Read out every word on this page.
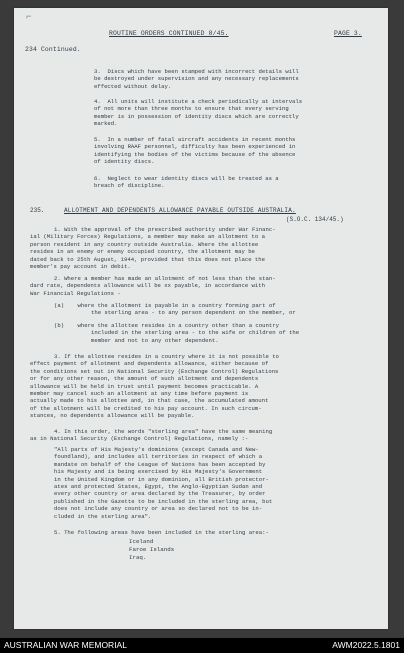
⌐
ROUTINE ORDERS CONTINUED 8/45.	PAGE 3.
234 Continued.

3. Discs which have been stamped with incorrect details will

be destroyed under supervision and any necessary replacements

effected without delay.

4. All units will institute a check periodically at intervals

of not more than three months to ensure that every serving

member is in possession of identity discs which are correctly

marked.

5. In a number of fatal aircraft accidents in recent months

involving RAAF personnel, difficulty has been experienced in

identifying the bodies of the victims because of the absence

of identity discs.

6. Neglect to wear identity discs will be treated as a

breach of discipline.

235.	ALLOTMENT AND DEPENDENTS ALLOWANCE PAYABLE OUTSIDE AUSTRALIA.
(S.O.C. 134/45.)

1. With the approval of the prescribed authority under War Financ-

ial (Military Forces) Regulations, a member may make an allotment to a

person resident in any country outside Australia. Where the allottee

resides in an enemy or enemy occupied country, the allotment may be

dated back to 25th August, 1944, provided that this does not place the

member's pay account in debit.

2. Where a member has made an allotment of not less than the stan-

dard rate, dependents allowance will be xx payable, in accordance with

War Financial Regulations -

(a) where the allotment is payable in a country forming part of

the sterling area - to any person dependent on the member, or

(b) where the allottee resides in a country other than a country

included in the sterling area - to the wife or children of the

member and not to any other dependent.

3. If the allottee resides in a country where it is not possible to

effect payment of allotment and dependents allowance, either because of

the conditions set out in National Security (Exchange Control) Regulations

or for any other reason, the amount of such allotment and dependents

allowance will be held in trust until payment becomes practicable. A

member may cancel such an allotment at any time before payment is

actually made to his allottee and, in that case, the accumulated amount

of the allotment will be credited to his pay account. In such circum-

stances, no dependents allowance will be payable.

4. In this order, the words "sterling area" have the same meaning

as in National Security (Exchange Control) Regulations, namely :-

"All parts of His Majesty's dominions (except Canada and New-

foundland), and includes all territories in respect of which a

mandate on behalf of the League of Nations has been accepted by

his Majesty and is being exercised by His Majesty's Government

in the United Kingdom or in any dominion, all British protector-

ates and protected States, Egypt, the Anglo-Egyptian Sudan and

every other country or area declared by the Treasurer, by order

published in the Gazette to be included in the sterling area, but

does not include any country or area so declared not to be in-

cluded in the sterling area".

5. The following areas have been included in the sterling area:-
Iceland
Faroe Islands
Iraq.
AUSTRALIAN WAR MEMORIAL	AWM2022.5.1801
